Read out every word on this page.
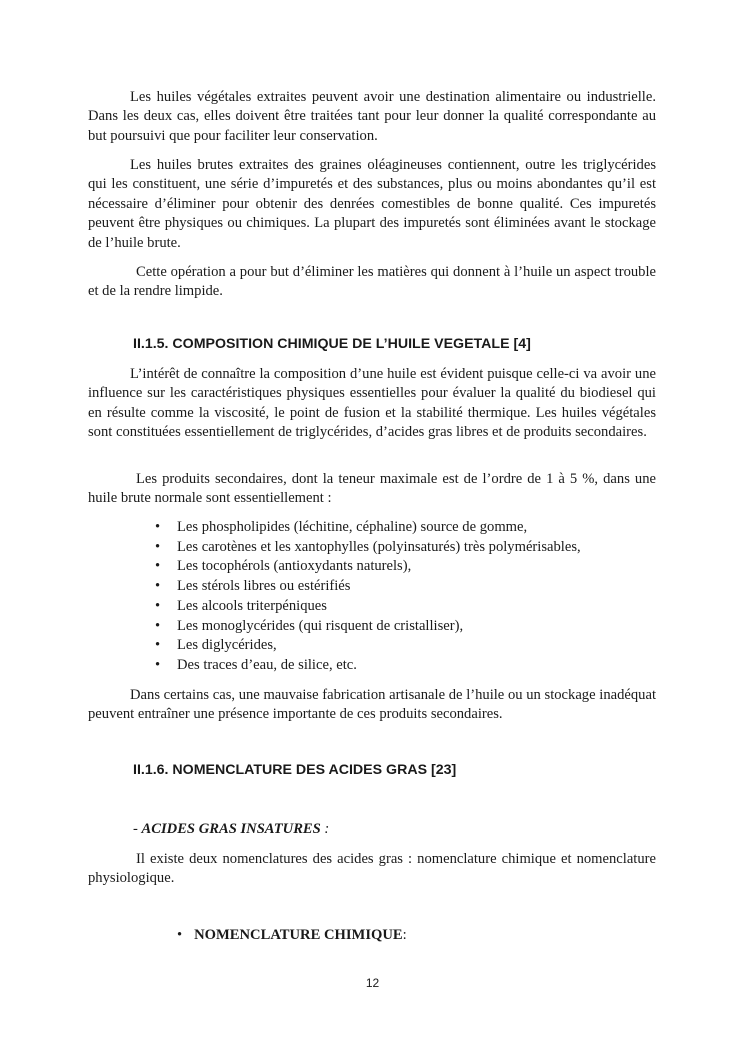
Les huiles végétales extraites peuvent avoir une destination alimentaire ou industrielle. Dans les deux cas, elles doivent être traitées tant pour leur donner la qualité correspondante au but poursuivi que pour faciliter leur conservation.

Les huiles brutes extraites des graines oléagineuses contiennent, outre les triglycérides qui les constituent, une série d’impuretés et des substances, plus ou moins abondantes qu’il est nécessaire d’éliminer pour obtenir des denrées comestibles de bonne qualité. Ces impuretés peuvent être physiques ou chimiques. La plupart des impuretés sont éliminées avant le stockage de l’huile brute.

Cette opération a pour but d’éliminer les matières qui donnent à l’huile un aspect trouble et de la rendre limpide.

II.1.5. COMPOSITION CHIMIQUE DE L’HUILE VEGETALE [4]

L’intérêt de connaître la composition d’une huile est évident puisque celle-ci va avoir une influence sur les caractéristiques physiques essentielles pour évaluer la qualité du biodiesel qui en résulte comme la viscosité, le point de fusion et la stabilité thermique. Les huiles végétales sont constituées essentiellement de triglycérides, d’acides gras libres et de produits secondaires.

Les produits secondaires, dont la teneur maximale est de l’ordre de 1 à 5 %, dans une huile brute normale sont essentiellement :

• Les phospholipides (léchitine, céphaline) source de gomme,
• Les carotènes et les xantophylles (polyinsaturés) très polymérisables,
• Les tocophérols (antioxydants naturels),
• Les stérols libres ou estérifiés
• Les alcools triterpéniques
• Les monoglycérides (qui risquent de cristalliser),
• Les diglycérides,
• Des traces d’eau, de silice, etc.

Dans certains cas, une mauvaise fabrication artisanale de l’huile ou un stockage inadéquat peuvent entraîner une présence importante de ces produits secondaires.

II.1.6. NOMENCLATURE DES ACIDES GRAS [23]

- ACIDES GRAS INSATURES :

Il existe deux nomenclatures des acides gras : nomenclature chimique et nomenclature physiologique.

• NOMENCLATURE CHIMIQUE:

12
